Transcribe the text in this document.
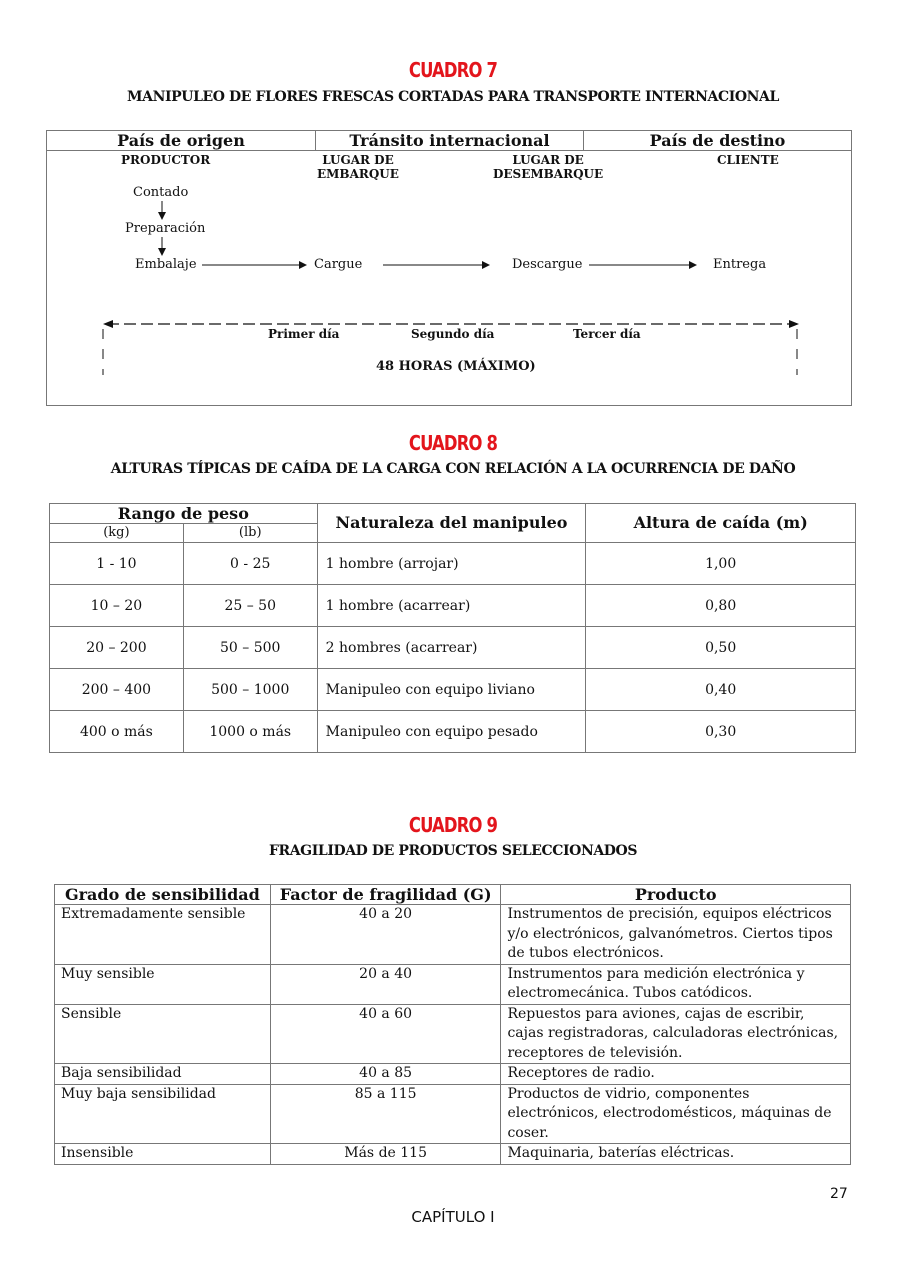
CUADRO 7
MANIPULEO DE FLORES FRESCAS CORTADAS PARA TRANSPORTE INTERNACIONAL
País de origen	Tránsito internacional	País de destino
PRODUCTOR	LUGAR DE
EMBARQUE
LUGAR DE
DESEMBARQUE
CLIENTE
Contado
Preparación
Embalaje	Cargue	Descargue	Entrega
Primer día	Segundo día	Tercer día
48 HORAS (MÁXIMO)
CUADRO 8
ALTURAS TÍPICAS DE CAÍDA DE LA CARGA CON RELACIÓN A LA OCURRENCIA DE DAÑO
Rango de peso		Naturaleza del manipuleo	Altura de caída (m)
(kg)	(lb)		
1 - 10	0 - 25	1 hombre (arrojar)	1,00
10 – 20	25 – 50	1 hombre (acarrear)	0,80
20 – 200	50 – 500	2 hombres (acarrear)	0,50
200 – 400	500 – 1000	Manipuleo con equipo liviano	0,40
400 o más	1000 o más	Manipuleo con equipo pesado	0,30
CUADRO 9
FRAGILIDAD DE PRODUCTOS SELECCIONADOS
Grado de sensibilidad	Factor de fragilidad (G)	Producto
Extremadamente sensible	40 a 20	Instrumentos de precisión, equipos eléctricos y/o electrónicos, galvanómetros. Ciertos tipos de tubos electrónicos.
Muy sensible	20 a 40	Instrumentos para medición electrónica y electromecánica. Tubos catódicos.
Sensible	40 a 60	Repuestos para aviones, cajas de escribir, cajas registradoras, calculadoras electrónicas, receptores de televisión.
Baja sensibilidad	40 a 85	Receptores de radio.
Muy baja sensibilidad	85 a 115	Productos de vidrio, componentes electrónicos, electrodomésticos, máquinas de coser.
Insensible	Más de 115	Maquinaria, baterías eléctricas.
27
CAPÍTULO I
